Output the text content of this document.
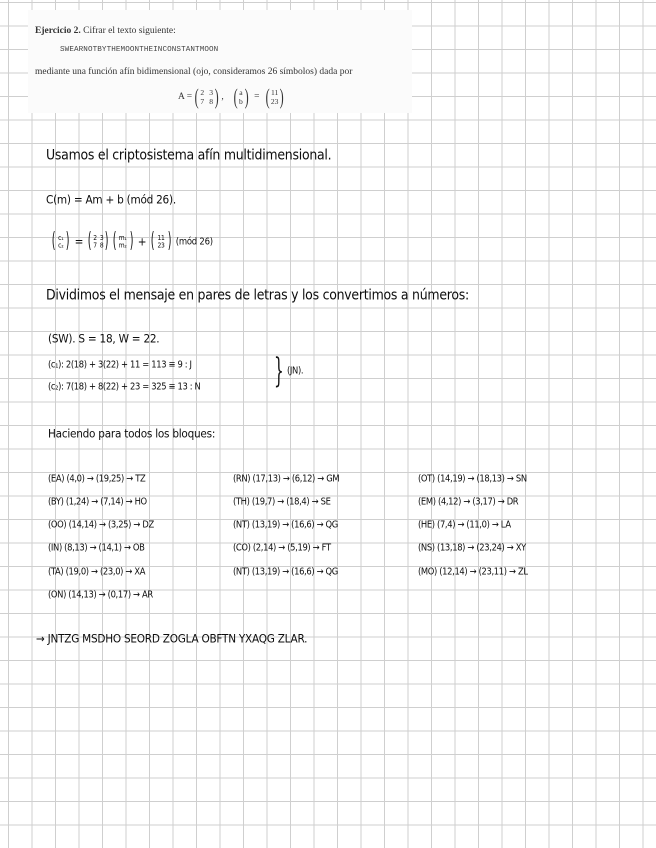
Ejercicio 2. Cifrar el texto siguiente:
SWEARNOTBYTHEMOONTHEINCONSTANTMOON
mediante una función afín bidimensional (ojo, consideramos 26 símbolos) dada por
A = ( 2 3
7 8 ) , ( a
b ) = ( 11
23 )
Usamos el criptosistema afín multidimensional.
C(m) = Am + b (mód 26).
( c₁
c₂ ) = ( 2 3
7 8 ) ( m₁
m₂ ) + ( 11
23 ) (mód 26)
Dividimos el mensaje en pares de letras y los convertimos a números:
(SW). S = 18, W = 22.
(c₁): 2(18) + 3(22) + 11 = 113 ≡ 9 : J
(c₂): 7(18) + 8(22) + 23 = 325 ≡ 13 : N } (JN).
Haciendo para todos los bloques:
(EA) (4,0) → (19,25) → TZ
(BY) (1,24) → (7,14) → HO
(OO) (14,14) → (3,25) → DZ
(IN) (8,13) → (14,1) → OB
(TA) (19,0) → (23,0) → XA
(ON) (14,13) → (0,17) → AR
(RN) (17,13) → (6,12) → GM
(TH) (19,7) → (18,4) → SE
(NT) (13,19) → (16,6) → QG
(CO) (2,14) → (5,19) → FT
(NT) (13,19) → (16,6) → QG
(OT) (14,19) → (18,13) → SN
(EM) (4,12) → (3,17) → DR
(HE) (7,4) → (11,0) → LA
(NS) (13,18) → (23,24) → XY
(MO) (12,14) → (23,11) → ZL
→ JNTZG MSDHO SEORD ZOGLA OBFTN YXAQG ZLAR.
